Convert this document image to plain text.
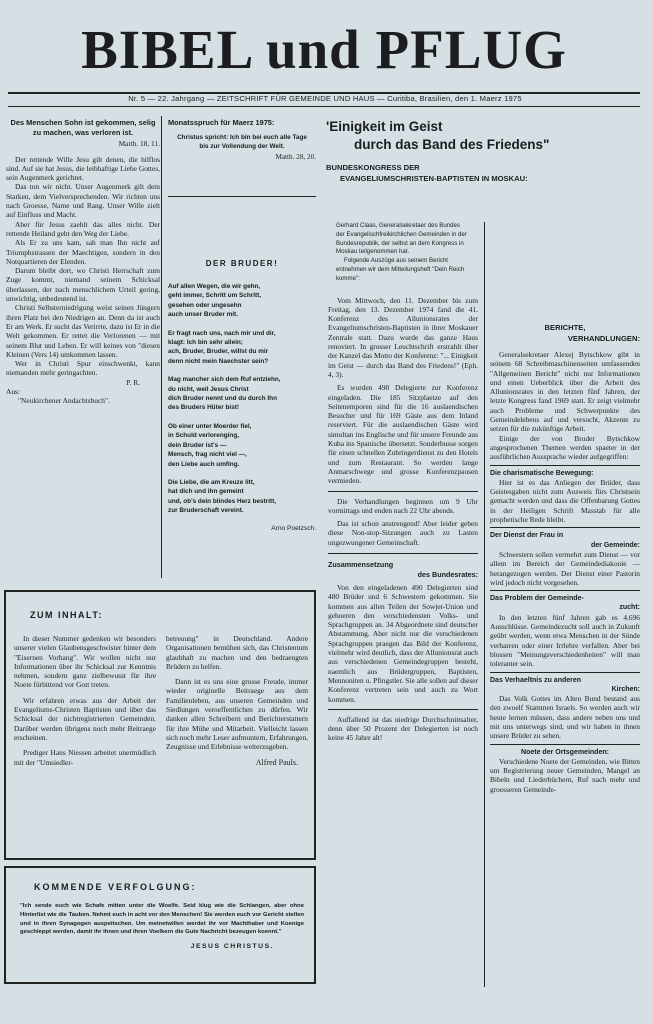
BIBEL und PFLUG
Nr. 5 — 22. Jahrgang — ZEITSCHRIFT FÜR GEMEINDE UND HAUS — Curitiba, Brasilien, den 1. Maerz 1975

Des Menschen Sohn ist gekommen, selig zu machen, was verloren ist.

Matth. 18, 11.

Der rettende Wille Jesu gilt denen, die hilflos sind. Auf sie hat Jesus, die leibhaftige Liebe Gottes, sein Augenmerk gerichtet.

Das tun wir nicht. Unser Augenmerk gilt dem Starken, dem Vielversprechenden. Wir richten uns nach Groesse, Name und Rang. Unser Wille zielt auf Einfluss und Macht.

Aber für Jesus zaehlt das alles nicht. Der rettende Heiland geht den Weg der Liebe.

Als Er zu uns kam, sah man Ihn nicht auf Triumphstrassen der Maechtigen, sondern in den Notquartieren der Elenden.

Darum bleibt dort, wo Christi Herrschaft zum Zuge kommt, niemand seinem Schicksal überlassen, der nach menschlichem Urteil gering, unwichtig, unbedeutend ist.

Christi Selbsterniedrigung weist seinen Jüngern ihren Platz bei den Niedrigen an. Denn da ist auch Er am Werk. Er sucht das Verirrte, dazu ist Er in die Welt gekommen. Er rettet die Verlorenen — mit seinem Blut und Leben. Er will keines von "diesen Kleinen (Vers 14) umkommen lassen.

Wer in Christi Spur einschwenkt, kann niemanden mehr geringachten.

P. R.

Aus:

"Neukirchener Andachtsbuch".

Monatsspruch für Maerz 1975:

Christus spricht: Ich bin bei euch alle Tage bis zur Vollendung der Welt.

Matth. 28, 20.

DER BRUDER!

Auf allen Wegen, die wir gehn,
geht immer, Schritt um Schritt,
gesehen oder ungesehn
auch unser Bruder mit.
Er fragt nach uns, nach mir und dir,
klagt: Ich bin sehr allein;
ach, Bruder, Bruder, willst du mir
denn nicht mein Naechster sein?
Mag mancher sich dem Ruf entziehn,
du nicht, weil Jesus Christ
dich Bruder nennt und du durch Ihn
des Bruders Hüter bist!
Ob einer unter Moerder fiel,
in Schuld verlorenging,
dein Bruder ist's —
Mensch, frag nicht viel —,
den Liebe auch umfing.
Die Liebe, die am Kreuze litt,
hat dich und ihn gemeint
und, ob's dein blindes Herz bestritt,
zur Bruderschaft vereint.

Arno Poetzsch.

'Einigkeit im Geist

durch das Band des Friedens"

BUNDESKONGRESS DER

EVANGELIUMSCHRISTEN-BAPTISTEN IN MOSKAU:

Gerhard Claas, Generalsekretaer des Bundes der Evangelischfreikirchlichen Gemeinden in der Bundesrepublik, der selbst an dem Kongress in Moskau teilgenommen hat.

Folgende Auszüge aus seinem Bericht entnehmen wir dem Mitteilungsheft "Dein Reich komme":

Vom Mittwoch, den 11. Dezember bis zum Freitag, den 13. Dezember 1974 fand die 41. Konferenz des Allunionsrates der Evangeliumschristen-Baptisten in ihrer Moskauer Zentrale statt. Dazu wurde das ganze Haus renoviert. In grosser Leuchtschrift erstrahlt über der Kanzel das Motto der Konferenz: "... Einigkeit im Geist — durch das Band des Friedens!" (Eph. 4, 3).

Es wurden 490 Delegierte zur Konferenz eingeladen. Die 185 Sitzplaetze auf den Seitenemporen sind für die 16 auslaendischen Besucher und für 169 Gäste aus dem Inland reserviert. Für die auslaendischen Gäste wird simultan ins Englische und für unsere Freunde aus Kuba ins Spanische übersetzt. Sonderbusse sorgen für einen schnellen Zubringerdienst zu den Hotels und zum Restaurant. So werden lange Anmarschwege und grosse Konferenzpausen vermieden.

Die Verhandlungen beginnen um 9 Uhr vormittags und enden nach 22 Uhr abends.

Das ist schon anstrengend! Aber leider geben diese Non-stop-Sitzungen auch zu Lasten ungezwungener Gemeinschaft.

Zusammensetzung

des Bundesrates:

Von den eingeladenen 490 Delegierten sind 480 Brüder und 6 Schwestern gekommen. Sie kommen aus allen Teilen der Sowjet-Union und gehoeren den verschiedensten Volks- und Sprachgruppen an. 34 Abgeordnete sind deutscher Abstammung. Aber nicht nur die verschiedenen Sprachgruppen praegen das Bild der Konferenz, vielmehr wird deutlich, dass der Allunionsrat auch aus verschiedenen Gemeindegruppen besteht, naemlich aus Brüdergruppen, Baptisten, Mennoniten u. Pfingstler. Sie alle sollen auf dieser Konferenz vertreten sein und auch zu Wort kommen.

Auffallend ist das niedrige Durchschnittsalter, denn über 50 Prozent der Delegierten ist noch keine 45 Jahre alt!

BERICHTE,

VERHANDLUNGEN:

Generalsekretaer Alexej Bytschkow gibt in seinem 68 Schreibmaschinenseiten umfassenden "Allgemeinen Bericht" nicht nur Informationen und einen Ueberblick über die Arbeit des Allunionsrates in den letzten fünf Jahren, der letzte Kongress fand 1969 statt. Er zeigt vielmehr auch Probleme und Schwerpunkte des Gemeindelebens auf und versucht, Akzente zu setzen für die zukünftige Arbeit.

Einige der von Bruder Bytschkow angesprochenen Themen werden spaeter in der ausführlichen Aussprache wieder aufgegriffen:

Die charismatische Bewegung:

Hier ist es das Anliegen der Brüder, dass Geistesgaben nicht zum Ausweis fürs Christsein gemacht werden und dass die Offenbarung Gottes in der Heiligen Schrift Masstab für alle prophetische Rede bleibt.

Der Dienst der Frau in

der Gemeinde:

Schwestern sollen vermehrt zum Dienst — vor allem im Bereich der Gemeindediakonie — herangezogen werden. Der Dienst einer Pastorin wird jedoch nicht vorgesehen.

Das Problem der Gemeinde-

zucht:

In den letzten fünf Jahren gab es 4.696 Ausschlüsse. Gemeindezucht soll auch in Zukunft geübt werden, wenn etwa Menschen in der Sünde verharren oder einer Irrlehre verfallen. Aber bei blossen "Meinungsverschiedenheiten" will man toleranter sein.

Das Verhaeltnis zu anderen

Kirchen:

Das Volk Gottes im Alten Bund bestand aus den zwoelf Stammen Israels. So werden auch wir heute lernen müssen, dass andere neben uns und mit uns unterwegs sind, und wir haben in ihnen unsere Brüder zu sehen.

Noete der Ortsgemeinden:

Verschiedene Noete der Gemeinden, wie Bitten um Registrierung neuer Gemeinden, Mangel an Bibeln und Liederbüchern, Ruf nach mehr und groesseren Gemeinde-

ZUM INHALT:

In dieser Nummer gedenken wir besonders unserer vielen Glaubensgeschwister hinter dem "Eisernen Vorhang". Wir wollen nicht nur Informationen über ihr Schicksal zur Kenntnis nehmen, sondern ganz zielbewusst für ihre Noete fürbittend vor Gott treten.

Wir erfahren etwas aus der Arbeit der Evangeliums-Christen Baptisten und über das Schicksal der nichtregistrierten Gemeinden. Darüber werden übrigens noch mehr Beitraege erscheinen.

Prediger Hans Niessen arbeitet unermüdlich mit der "Umsiedler-

betreuung" in Deutschland. Andere Organisationen bemühen sich, das Christentum glaubhaft zu machen und den bedraengten Brüdern zu helfen.

Dann ist es uns eine grosse Freude, immer wieder originelle Beitraege aus dem Familienleben, aus unseren Gemeinden und Siedlungen veroeffentlichen zu dürfen. Wir danken allen Schreibern und Berichterstattern für ihre Mühe und Mitarbeit. Vielleicht lassen sich noch mehr Leser aufmuntern, Erfahrungen, Zeugnisse und Erlebnisse weiterzugeben.

Alfred Pauls.

KOMMENDE VERFOLGUNG:

"Ich sende euch wie Schafe mitten unter die Woelfe. Seid klug wie die Schlangen, aber ohne Hinterlist wie die Tauben. Nehmt euch in acht vor den Menschen! Sie werden euch vor Gericht stellen und in ihren Synagogen auspeitschen. Um meinetwillen werdet ihr vor Machthaber und Koenige geschleppt werden, damit ihr ihnen und ihren Voelkern die Gute Nachricht bezeugen koennt."

JESUS CHRISTUS.
